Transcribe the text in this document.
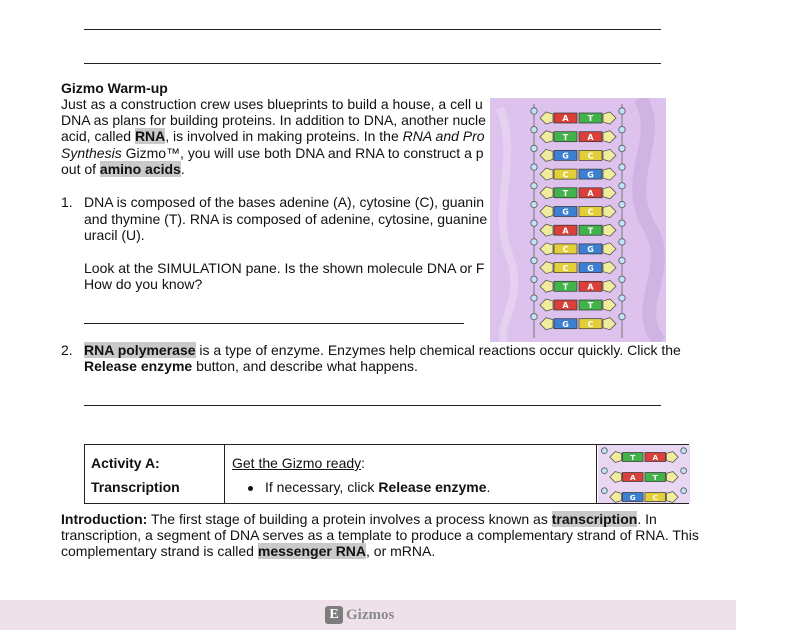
Gizmo Warm-up
Just as a construction crew uses blueprints to build a house, a cell u
DNA as plans for building proteins. In addition to DNA, another nucle
acid, called RNA, is involved in making proteins. In the RNA and Pro
Synthesis Gizmo™, you will use both DNA and RNA to construct a p
out of amino acids.
1. DNA is composed of the bases adenine (A), cytosine (C), guanin
and thymine (T). RNA is composed of adenine, cytosine, guanine
uracil (U).
Look at the SIMULATION pane. Is the shown molecule DNA or F
How do you know?
A T
T A
G C
C G
T A
G C
A T
C G
C G
T A
A T
G C
2. RNA polymerase is a type of enzyme. Enzymes help chemical reactions occur quickly. Click the
Release enzyme button, and describe what happens.
Activity A:
Transcription
Get the Gizmo ready:
If necessary, click Release enzyme.
T A
A T
G C
Introduction: The first stage of building a protein involves a process known as transcription. In
transcription, a segment of DNA serves as a template to produce a complementary strand of RNA. This
complementary strand is called messenger RNA, or mRNA.
E Gizmos
